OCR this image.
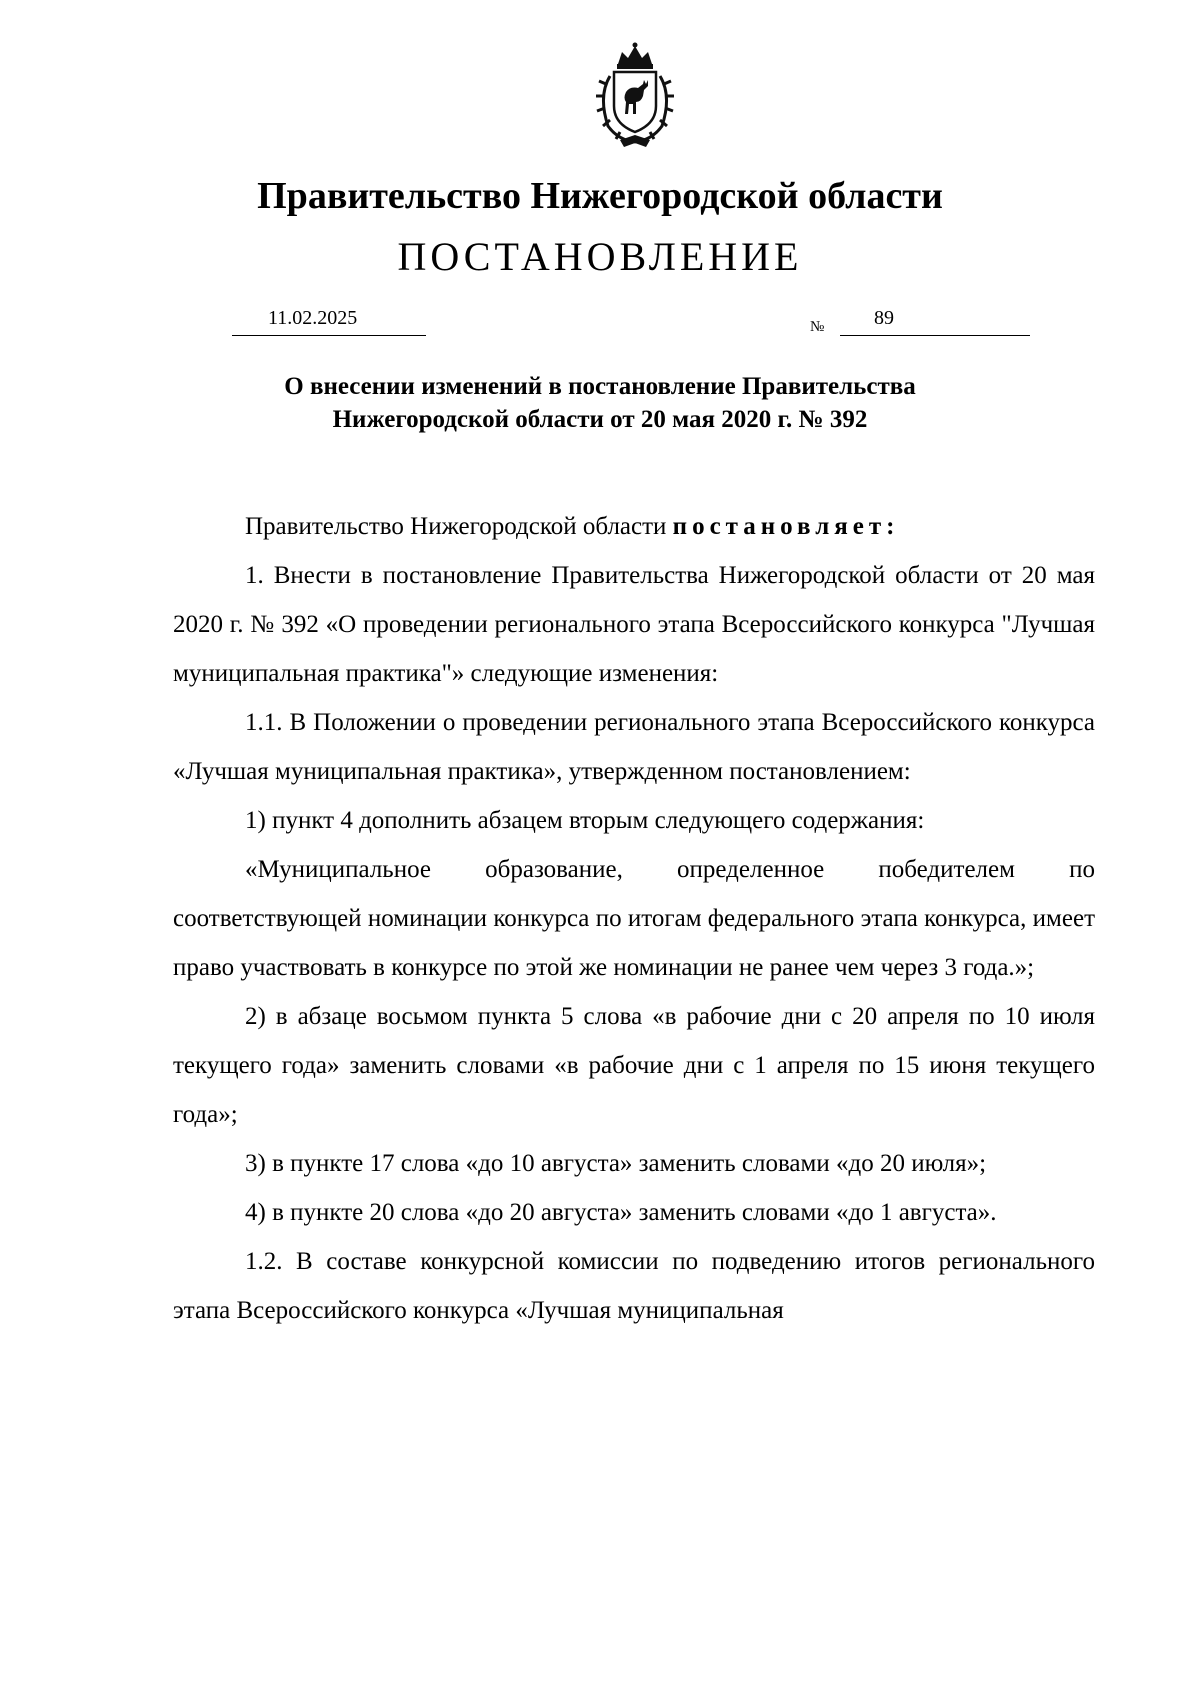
Правительство Нижегородской области
ПОСТАНОВЛЕНИЕ
11.02.2025	№	89
О внесении изменений в постановление Правительства
Нижегородской области от 20 мая 2020 г. № 392

Правительство Нижегородской области постановляет:

1. Внести в постановление Правительства Нижегородской области от 20 мая 2020 г. № 392 «О проведении регионального этапа Всероссийского конкурса "Лучшая муниципальная практика"» следующие изменения:

1.1. В Положении о проведении регионального этапа Всероссийского конкурса «Лучшая муниципальная практика», утвержденном постановлением:

1) пункт 4 дополнить абзацем вторым следующего содержания:

«Муниципальное образование, определенное победителем по соответствующей номинации конкурса по итогам федерального этапа конкурса, имеет право участвовать в конкурсе по этой же номинации не ранее чем через 3 года.»;

2) в абзаце восьмом пункта 5 слова «в рабочие дни с 20 апреля по 10 июля текущего года» заменить словами «в рабочие дни с 1 апреля по 15 июня текущего года»;

3) в пункте 17 слова «до 10 августа» заменить словами «до 20 июля»;

4) в пункте 20 слова «до 20 августа» заменить словами «до 1 августа».

1.2. В составе конкурсной комиссии по подведению итогов регионального этапа Всероссийского конкурса «Лучшая муниципальная
